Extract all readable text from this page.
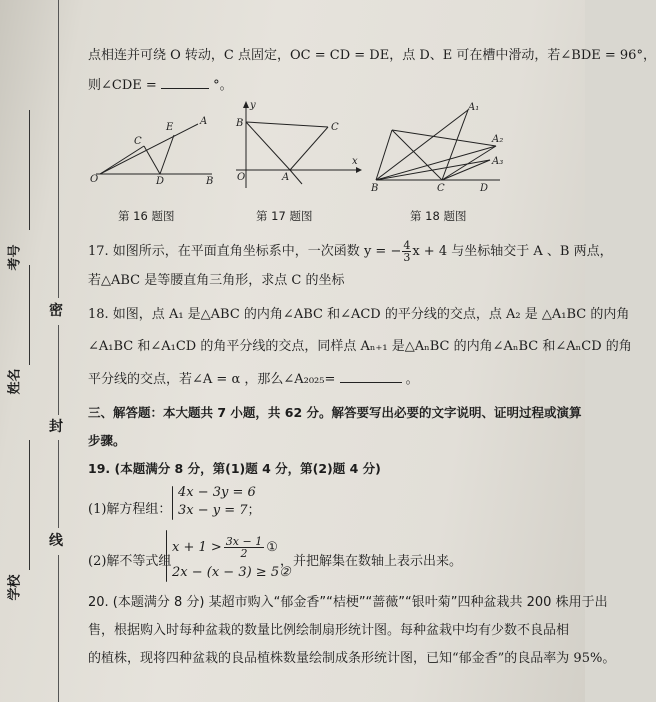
考号
姓名
学校
密
封
线
点相连并可绕 O 转动，C 点固定，OC = CD = DE，点 D、E 可在槽中滑动，若∠BDE = 96°，
则∠CDE =	°。
O
C
E
A
D	B
y
B	C
O	A
x
A₁
A₂
A₃
B	C	D
第 16 题图	第 17 题图	第 18 题图
17. 如图所示，在平面直角坐标系中，一次函数 y = − $\frac{4}{3}$ x + 4 与坐标轴交于 A 、B 两点，
若△ABC 是等腰直角三角形，求点 C 的坐标
18. 如图，点 A₁ 是△ABC 的内角∠ABC 和∠ACD 的平分线的交点，点 A₂ 是 △A₁BC 的内角
∠A₁BC 和∠A₁CD 的角平分线的交点，同样点 Aₙ₊₁ 是△AₙBC 的内角∠AₙBC 和∠AₙCD 的角
平分线的交点，若∠A = α ，那么∠A₂₀₂₅=	。
三、解答题：本大题共 7 小题，共 62 分。解答要写出必要的文字说明、证明过程或演算
步骤。
19. (本题满分 8 分，第(1)题 4 分，第(2)题 4 分)
(1)解方程组：
4x − 3y = 6
3x − y = 7；
(2)解不等式组
$x + 1 > \frac{3x - 1}{2}$ ①
2x − (x − 3) ≥ 5②
，并把解集在数轴上表示出来。
20. (本题满分 8 分) 某超市购入“郁金香”“桔梗”“蔷薇”“银叶菊”四种盆栽共 200 株用于出
售，根据购入时每种盆栽的数量比例绘制扇形统计图。每种盆栽中均有少数不良品相
的植株，现将四种盆栽的良品植株数量绘制成条形统计图，已知“郁金香”的良品率为 95%。
